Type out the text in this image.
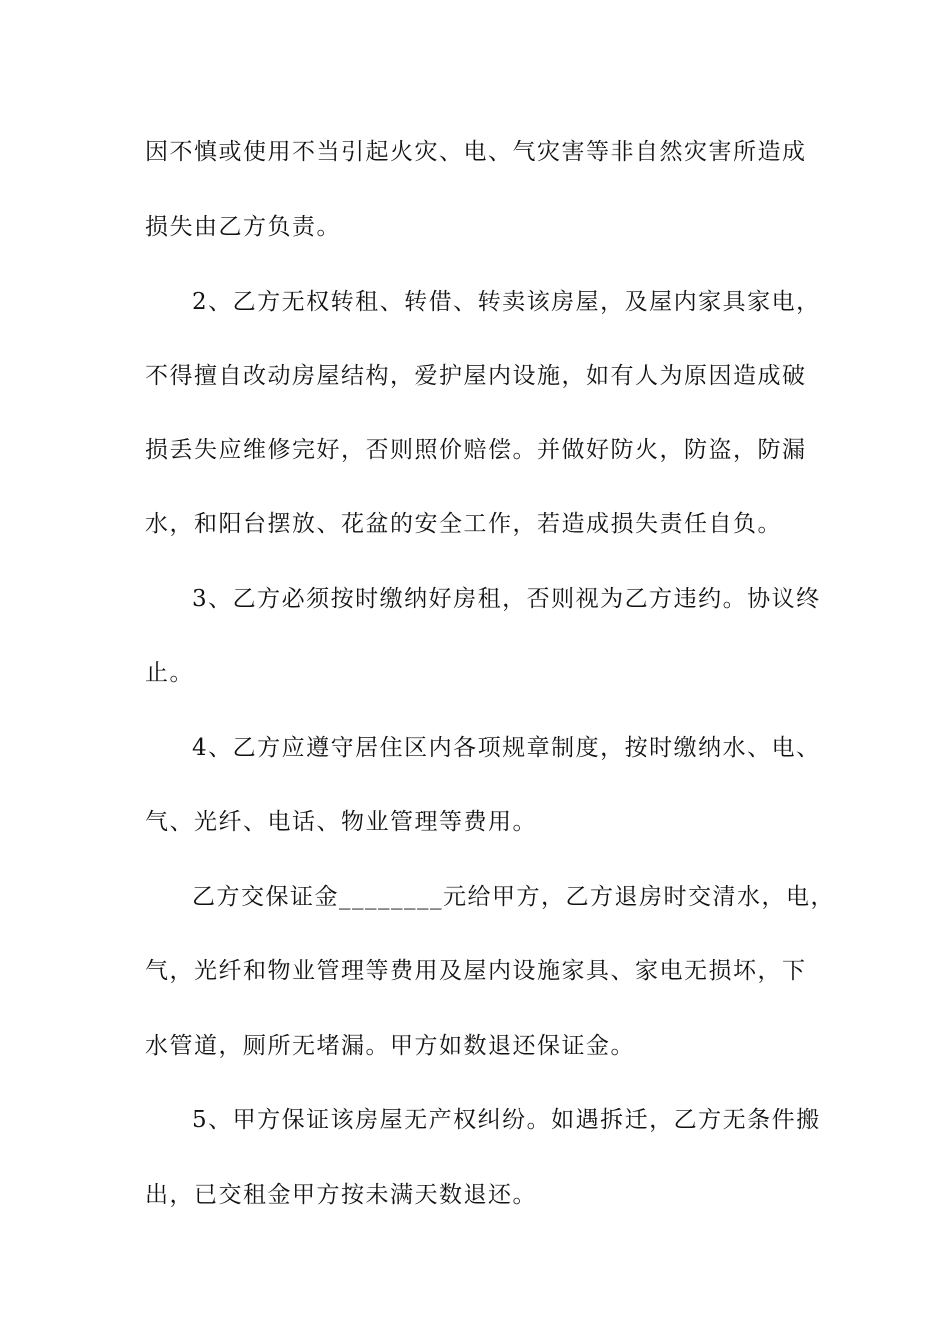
因不慎或使用不当引起火灾、电、气灾害等非自然灾害所造成
损失由乙方负责。
2、乙方无权转租、转借、转卖该房屋，及屋内家具家电，
不得擅自改动房屋结构，爱护屋内设施，如有人为原因造成破
损丢失应维修完好，否则照价赔偿。并做好防火，防盗，防漏
水，和阳台摆放、花盆的安全工作，若造成损失责任自负。
3、乙方必须按时缴纳好房租，否则视为乙方违约。协议终
止。
4、乙方应遵守居住区内各项规章制度，按时缴纳水、电、
气、光纤、电话、物业管理等费用。
乙方交保证金________元给甲方，乙方退房时交清水，电，
气，光纤和物业管理等费用及屋内设施家具、家电无损坏，下
水管道，厕所无堵漏。甲方如数退还保证金。
5、甲方保证该房屋无产权纠纷。如遇拆迁，乙方无条件搬
出，已交租金甲方按未满天数退还。
